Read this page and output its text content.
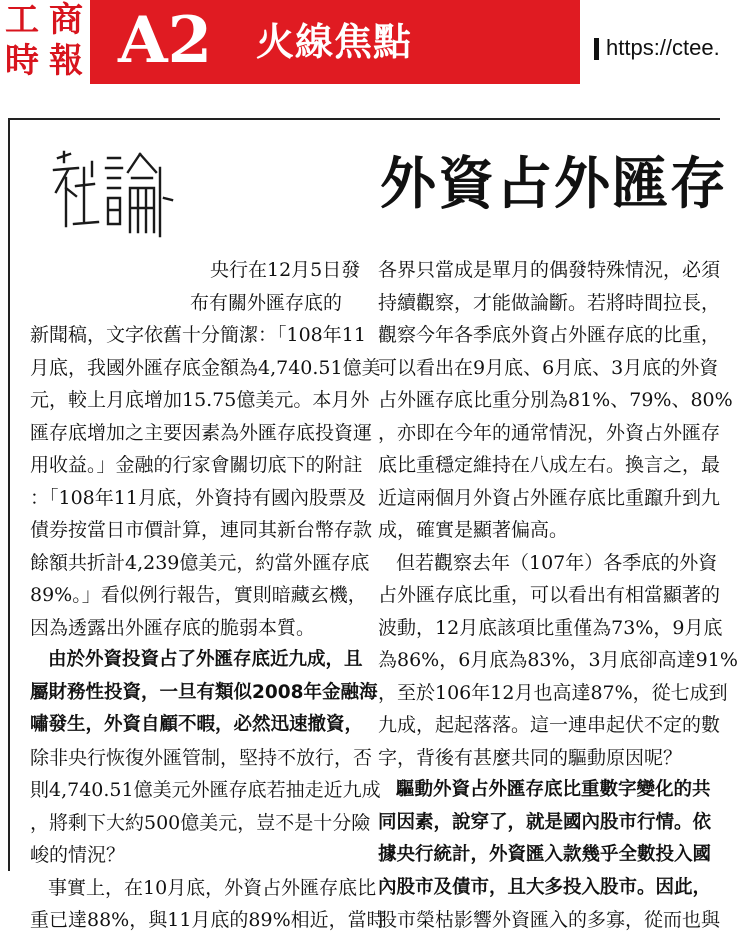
工 商
時 報 A2 火線焦點	https://ctee.
社論
外資占外匯存
央行在12月5日發
布有關外匯存底的
新聞稿，文字依舊十分簡潔：「108年11
月底，我國外匯存底金額為4,740.51億美
元，較上月底增加15.75億美元。本月外
匯存底增加之主要因素為外匯存底投資運
用收益。」金融的行家會關切底下的附註
：「108年11月底，外資持有國內股票及
債券按當日市價計算，連同其新台幣存款
餘額共折計4,239億美元，約當外匯存底
89%。」看似例行報告，實則暗藏玄機，
因為透露出外匯存底的脆弱本質。
由於外資投資占了外匯存底近九成，且
屬財務性投資，一旦有類似2008年金融海
嘯發生，外資自顧不暇，必然迅速撤資，
除非央行恢復外匯管制，堅持不放行，否
則4,740.51億美元外匯存底若抽走近九成
，將剩下大約500億美元，豈不是十分險
峻的情況？
事實上，在10月底，外資占外匯存底比
重已達88%，與11月底的89%相近，當時
各界只當成是單月的偶發特殊情況，必須
持續觀察，才能做論斷。若將時間拉長，
觀察今年各季底外資占外匯存底的比重，
可以看出在9月底、6月底、3月底的外資
占外匯存底比重分別為81%、79%、80%
，亦即在今年的通常情況，外資占外匯存
底比重穩定維持在八成左右。換言之，最
近這兩個月外資占外匯存底比重躥升到九
成，確實是顯著偏高。
但若觀察去年（107年）各季底的外資
占外匯存底比重，可以看出有相當顯著的
波動，12月底該項比重僅為73%，9月底
為86%，6月底為83%，3月底卻高達91%
，至於106年12月也高達87%，從七成到
九成，起起落落。這一連串起伏不定的數
字，背後有甚麼共同的驅動原因呢？
驅動外資占外匯存底比重數字變化的共
同因素，說穿了，就是國內股市行情。依
據央行統計，外資匯入款幾乎全數投入國
內股市及債市，且大多投入股市。因此，
股市榮枯影響外資匯入的多寡，從而也與
